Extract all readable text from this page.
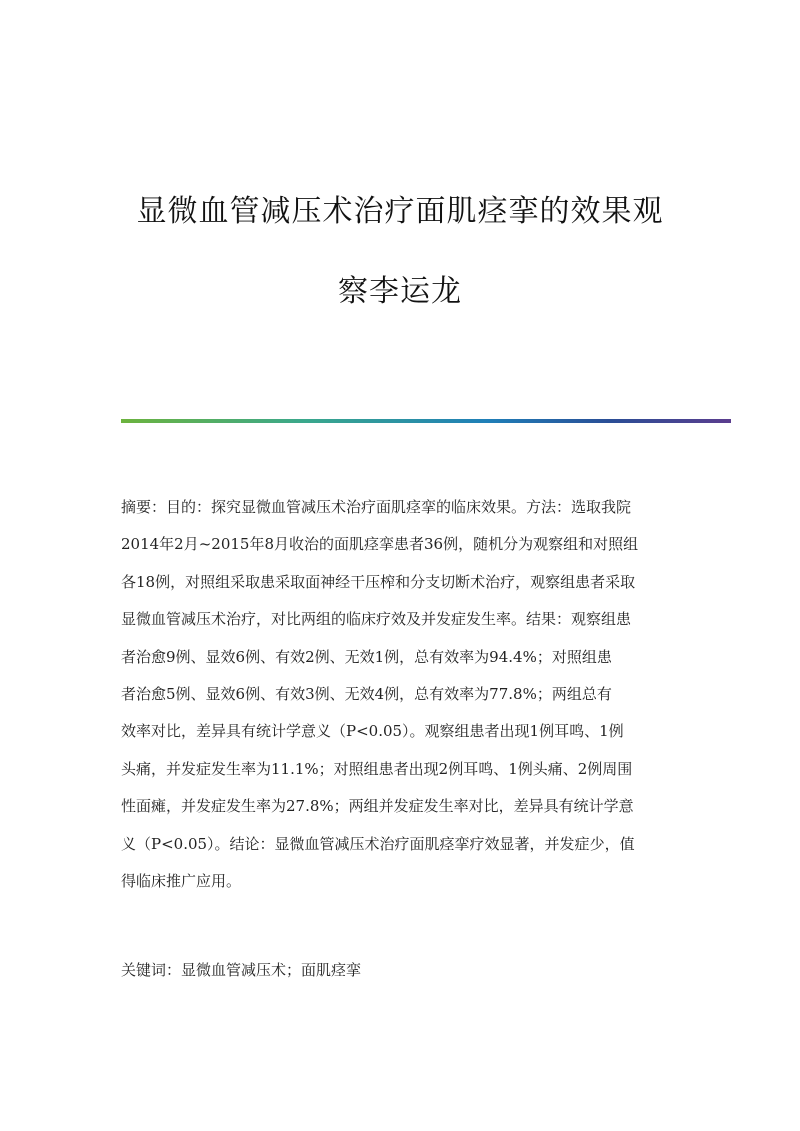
显微血管减压术治疗面肌痉挛的效果观
察李运龙
摘要：目的：探究显微血管减压术治疗面肌痉挛的临床效果。方法：选取我院
2014年2月~2015年8月收治的面肌痉挛患者36例，随机分为观察组和对照组
各18例，对照组采取患采取面神经干压榨和分支切断术治疗，观察组患者采取
显微血管减压术治疗，对比两组的临床疗效及并发症发生率。结果：观察组患
者治愈9例、显效6例、有效2例、无效1例，总有效率为94.4%；对照组患
者治愈5例、显效6例、有效3例、无效4例，总有效率为77.8%；两组总有
效率对比，差异具有统计学意义（P<0.05）。观察组患者出现1例耳鸣、1例
头痛，并发症发生率为11.1%；对照组患者出现2例耳鸣、1例头痛、2例周围
性面瘫，并发症发生率为27.8%；两组并发症发生率对比，差异具有统计学意
义（P<0.05）。结论：显微血管减压术治疗面肌痉挛疗效显著，并发症少，值
得临床推广应用。
关键词：显微血管减压术；面肌痉挛
